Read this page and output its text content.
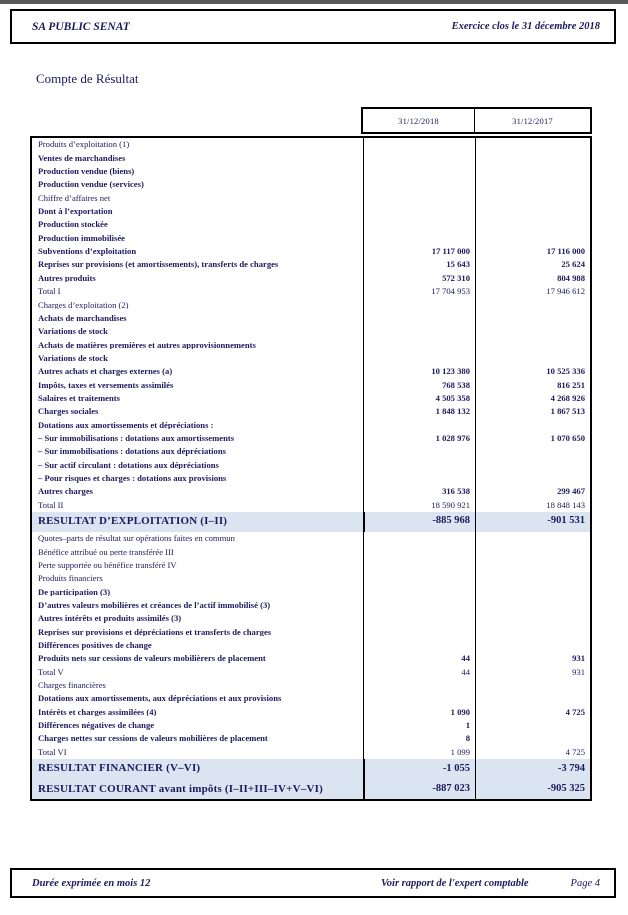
SA PUBLIC SENAT	Exercice clos le 31 décembre 2018
Compte de Résultat
31/12/2018	31/12/2017
Produits d’exploitation (1)
Ventes de marchandises
Production vendue (biens)
Production vendue (services)
Chiffre d’affaires net
Dont à l’exportation
Production stockée
Production immobilisée
Subventions d’exploitation	17 117 000	17 116 000
Reprises sur provisions (et amortissements), transferts de charges	15 643	25 624
Autres produits	572 310	804 988
Total I	17 704 953	17 946 612
Charges d’exploitation (2)
Achats de marchandises
Variations de stock
Achats de matières premières et autres approvisionnements
Variations de stock
Autres achats et charges externes (a)	10 123 380	10 525 336
Impôts, taxes et versements assimilés	768 538	816 251
Salaires et traitements	4 505 358	4 268 926
Charges sociales	1 848 132	1 867 513
Dotations aux amortissements et dépréciations :
– Sur immobilisations : dotations aux amortissements	1 028 976	1 070 650
– Sur immobilisations : dotations aux dépréciations
– Sur actif circulant : dotations aux dépréciations
– Pour risques et charges : dotations aux provisions
Autres charges	316 538	299 467
Total II	18 590 921	18 848 143
RESULTAT D’EXPLOITATION (I–II)	-885 968	-901 531
Quotes–parts de résultat sur opérations faites en commun
Bénéfice attribué ou perte transférée III
Perte supportée ou bénéfice transféré IV
Produits financiers
De participation (3)
D’autres valeurs mobilières et créances de l’actif immobilisé (3)
Autres intérêts et produits assimilés (3)
Reprises sur provisions et dépréciations et transferts de charges
Différences positives de change
Produits nets sur cessions de valeurs mobilièrers de placement	44	931
Total V	44	931
Charges financières
Dotations aux amortissements, aux dépréciations et aux provisions
Intérêts et charges assimilées (4)	1 090	4 725
Différences négatives de change	1
Charges nettes sur cessions de valeurs mobilières de placement	8
Total VI	1 099	4 725
RESULTAT FINANCIER (V–VI)	-1 055	-3 794
RESULTAT COURANT avant impôts (I–II+III–IV+V–VI)	-887 023	-905 325
Durée exprimée en mois 12	Voir rapport de l'expert comptable	Page 4
